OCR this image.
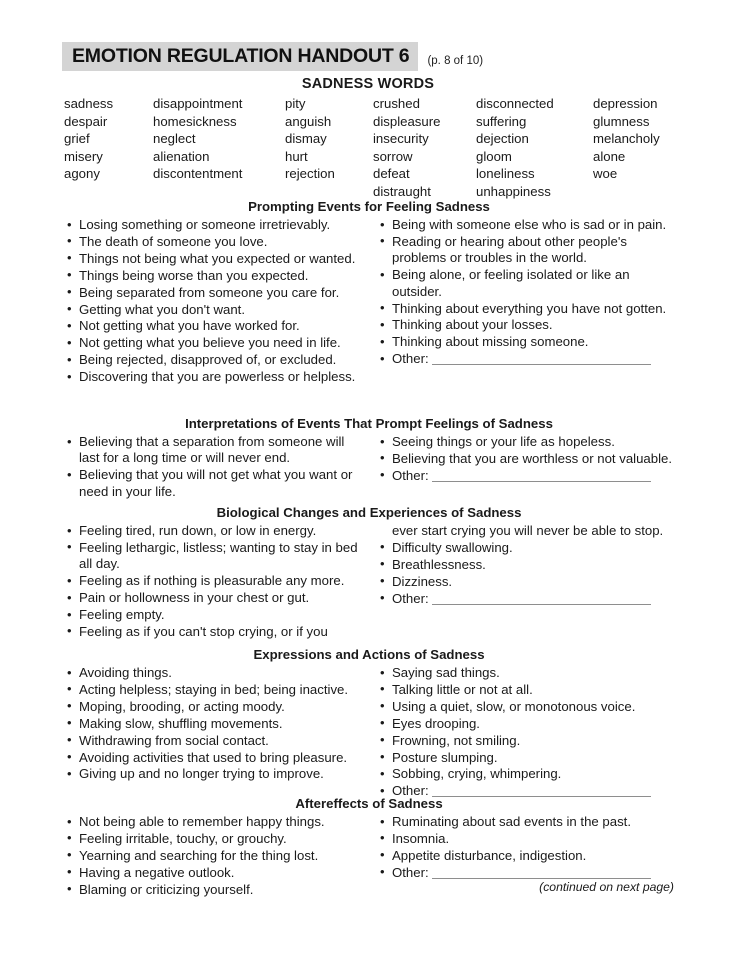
EMOTION REGULATION HANDOUT 6	(p. 8 of 10)
SADNESS WORDS
sadness
despair
grief
misery
agony
disappointment
homesickness
neglect
alienation
discontentment
pity
anguish
dismay
hurt
rejection
crushed
displeasure
insecurity
sorrow
defeat
distraught
disconnected
suffering
dejection
gloom
loneliness
unhappiness
depression
glumness
melancholy
alone
woe
Prompting Events for Feeling Sadness
• Losing something or someone irretrievably.
• The death of someone you love.
• Things not being what you expected or wanted.
• Things being worse than you expected.
• Being separated from someone you care for.
• Getting what you don't want.
• Not getting what you have worked for.
• Not getting what you believe you need in life.
• Being rejected, disapproved of, or excluded.
• Discovering that you are powerless or helpless.
• Being with someone else who is sad or in pain.
• Reading or hearing about other people's problems or troubles in the world.
• Being alone, or feeling isolated or like an outsider.
• Thinking about everything you have not gotten.
• Thinking about your losses.
• Thinking about missing someone.
• Other:
Interpretations of Events That Prompt Feelings of Sadness
• Believing that a separation from someone will last for a long time or will never end.
• Believing that you will not get what you want or need in your life.
• Seeing things or your life as hopeless.
• Believing that you are worthless or not valuable.
• Other:
Biological Changes and Experiences of Sadness
• Feeling tired, run down, or low in energy.
• Feeling lethargic, listless; wanting to stay in bed all day.
• Feeling as if nothing is pleasurable any more.
• Pain or hollowness in your chest or gut.
• Feeling empty.
• Feeling as if you can't stop crying, or if you
ever start crying you will never be able to stop.
• Difficulty swallowing.
• Breathlessness.
• Dizziness.
• Other:
Expressions and Actions of Sadness
• Avoiding things.
• Acting helpless; staying in bed; being inactive.
• Moping, brooding, or acting moody.
• Making slow, shuffling movements.
• Withdrawing from social contact.
• Avoiding activities that used to bring pleasure.
• Giving up and no longer trying to improve.
• Saying sad things.
• Talking little or not at all.
• Using a quiet, slow, or monotonous voice.
• Eyes drooping.
• Frowning, not smiling.
• Posture slumping.
• Sobbing, crying, whimpering.
• Other:
Aftereffects of Sadness
• Not being able to remember happy things.
• Feeling irritable, touchy, or grouchy.
• Yearning and searching for the thing lost.
• Having a negative outlook.
• Blaming or criticizing yourself.
• Ruminating about sad events in the past.
• Insomnia.
• Appetite disturbance, indigestion.
• Other:
(continued on next page)
